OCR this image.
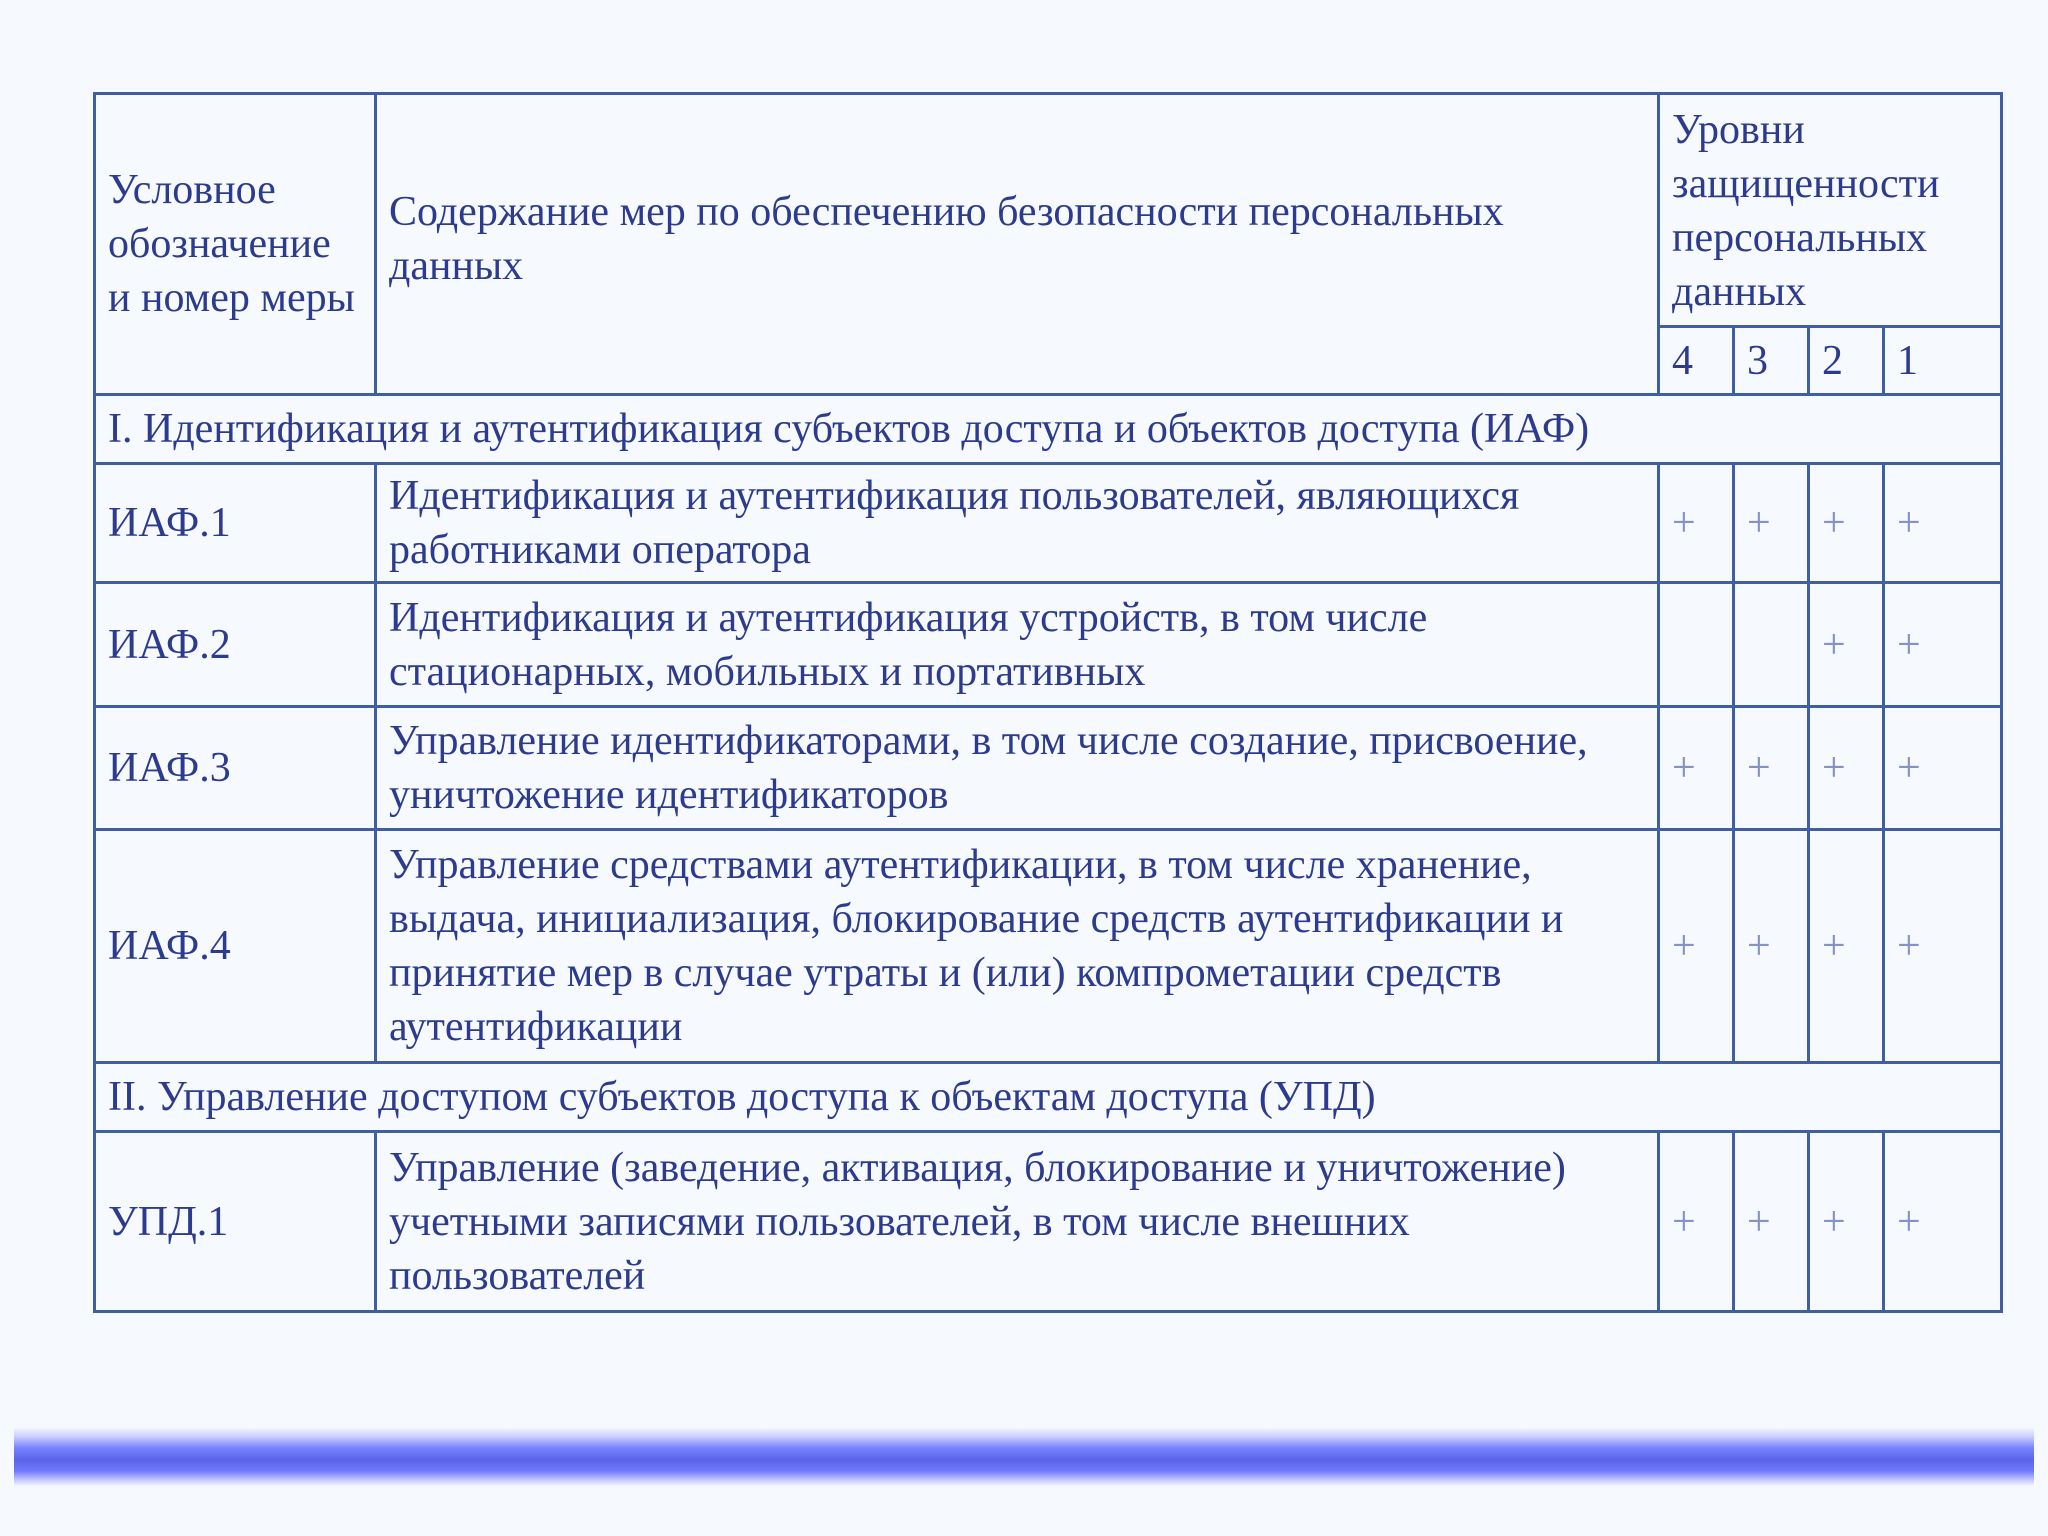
Условное обозначение и номер меры	Содержание мер по обеспечению безопасности персональных данных	Уровни защищенности персональных данных			
		4	3	2	1
I. Идентификация и аутентификация субъектов доступа и объектов доступа (ИАФ)					
ИАФ.1	Идентификация и аутентификация пользователей, являющихся работниками оператора	+	+	+	+
ИАФ.2	Идентификация и аутентификация устройств, в том числе стационарных, мобильных и портативных			+	+
ИАФ.3	Управление идентификаторами, в том числе создание, присвоение, уничтожение идентификаторов	+	+	+	+
ИАФ.4	Управление средствами аутентификации, в том числе хранение, выдача, инициализация, блокирование средств аутентификации и принятие мер в случае утраты и (или) компрометации средств аутентификации	+	+	+	+
II. Управление доступом субъектов доступа к объектам доступа (УПД)					
УПД.1	Управление (заведение, активация, блокирование и уничтожение) учетными записями пользователей, в том числе внешних пользователей	+	+	+	+
